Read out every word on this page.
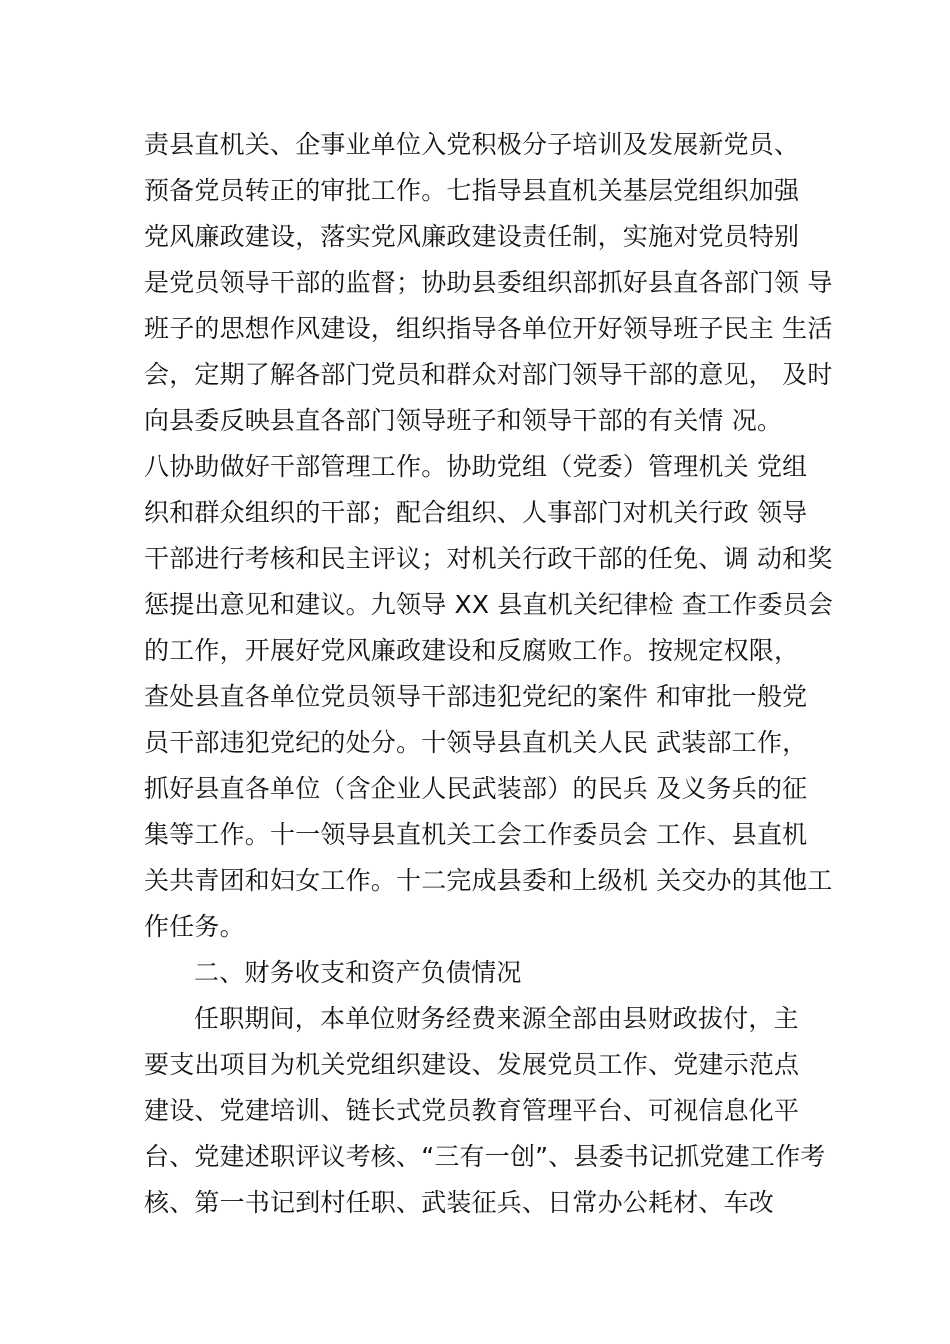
责县直机关、企事业单位入党积极分子培训及发展新党员、
预备党员转正的审批工作。七指导县直机关基层党组织加强
党风廉政建设，落实党风廉政建设责任制，实施对党员特别
是党员领导干部的监督；协助县委组织部抓好县直各部门领 导
班子的思想作风建设，组织指导各单位开好领导班子民主 生活
会，定期了解各部门党员和群众对部门领导干部的意见， 及时
向县委反映县直各部门领导班子和领导干部的有关情 况。
八协助做好干部管理工作。协助党组（党委）管理机关 党组
织和群众组织的干部；配合组织、人事部门对机关行政 领导
干部进行考核和民主评议；对机关行政干部的任免、调 动和奖
惩提出意见和建议。九领导 XX 县直机关纪律检 查工作委员会
的工作，开展好党风廉政建设和反腐败工作。按规定权限，
查处县直各单位党员领导干部违犯党纪的案件 和审批一般党
员干部违犯党纪的处分。十领导县直机关人民 武装部工作，
抓好县直各单位（含企业人民武装部）的民兵 及义务兵的征
集等工作。十一领导县直机关工会工作委员会 工作、县直机
关共青团和妇女工作。十二完成县委和上级机 关交办的其他工
作任务。
二、财务收支和资产负债情况
任职期间，本单位财务经费来源全部由县财政拔付，主
要支出项目为机关党组织建设、发展党员工作、党建示范点
建设、党建培训、链长式党员教育管理平台、可视信息化平
台、党建述职评议考核、“三有一创”、县委书记抓党建工作考
核、第一书记到村任职、武装征兵、日常办公耗材、车改
